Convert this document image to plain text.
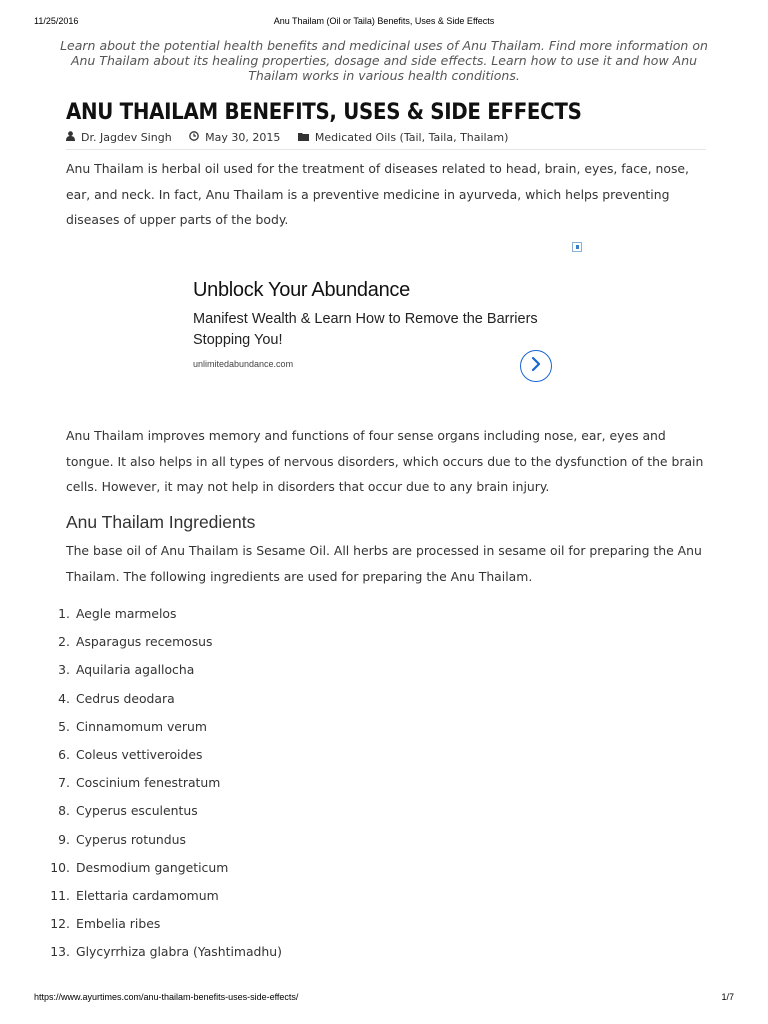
11/25/2016	Anu Thailam (Oil or Taila) Benefits, Uses & Side Effects
Learn about the potential health benefits and medicinal uses of Anu Thailam. Find more information on Anu Thailam about its healing properties, dosage and side effects. Learn how to use it and how Anu Thailam works in various health conditions.
ANU THAILAM BENEFITS, USES & SIDE EFFECTS
Dr. Jagdev Singh
	May 30, 2015
	Medicated Oils (Tail, Taila, Thailam)

Anu Thailam is herbal oil used for the treatment of diseases related to head, brain, eyes, face, nose, ear, and neck. In fact, Anu Thailam is a preventive medicine in ayurveda, which helps preventing diseases of upper parts of the body.

Unblock Your Abundance
Manifest Wealth & Learn How to Remove the Barriers Stopping You!
unlimitedabundance.com

Anu Thailam improves memory and functions of four sense organs including nose, ear, eyes and tongue. It also helps in all types of nervous disorders, which occurs due to the dysfunction of the brain cells. However, it may not help in disorders that occur due to any brain injury.

Anu Thailam Ingredients

The base oil of Anu Thailam is Sesame Oil. All herbs are processed in sesame oil for preparing the Anu Thailam. The following ingredients are used for preparing the Anu Thailam.

1. Aegle marmelos
2. Asparagus recemosus
3. Aquilaria agallocha
4. Cedrus deodara
5. Cinnamomum verum
6. Coleus vettiveroides
7. Coscinium fenestratum
8. Cyperus esculentus
9. Cyperus rotundus
10. Desmodium gangeticum
11. Elettaria cardamomum
12. Embelia ribes
13. Glycyrrhiza glabra (Yashtimadhu)
https://www.ayurtimes.com/anu-thailam-benefits-uses-side-effects/	1/7
